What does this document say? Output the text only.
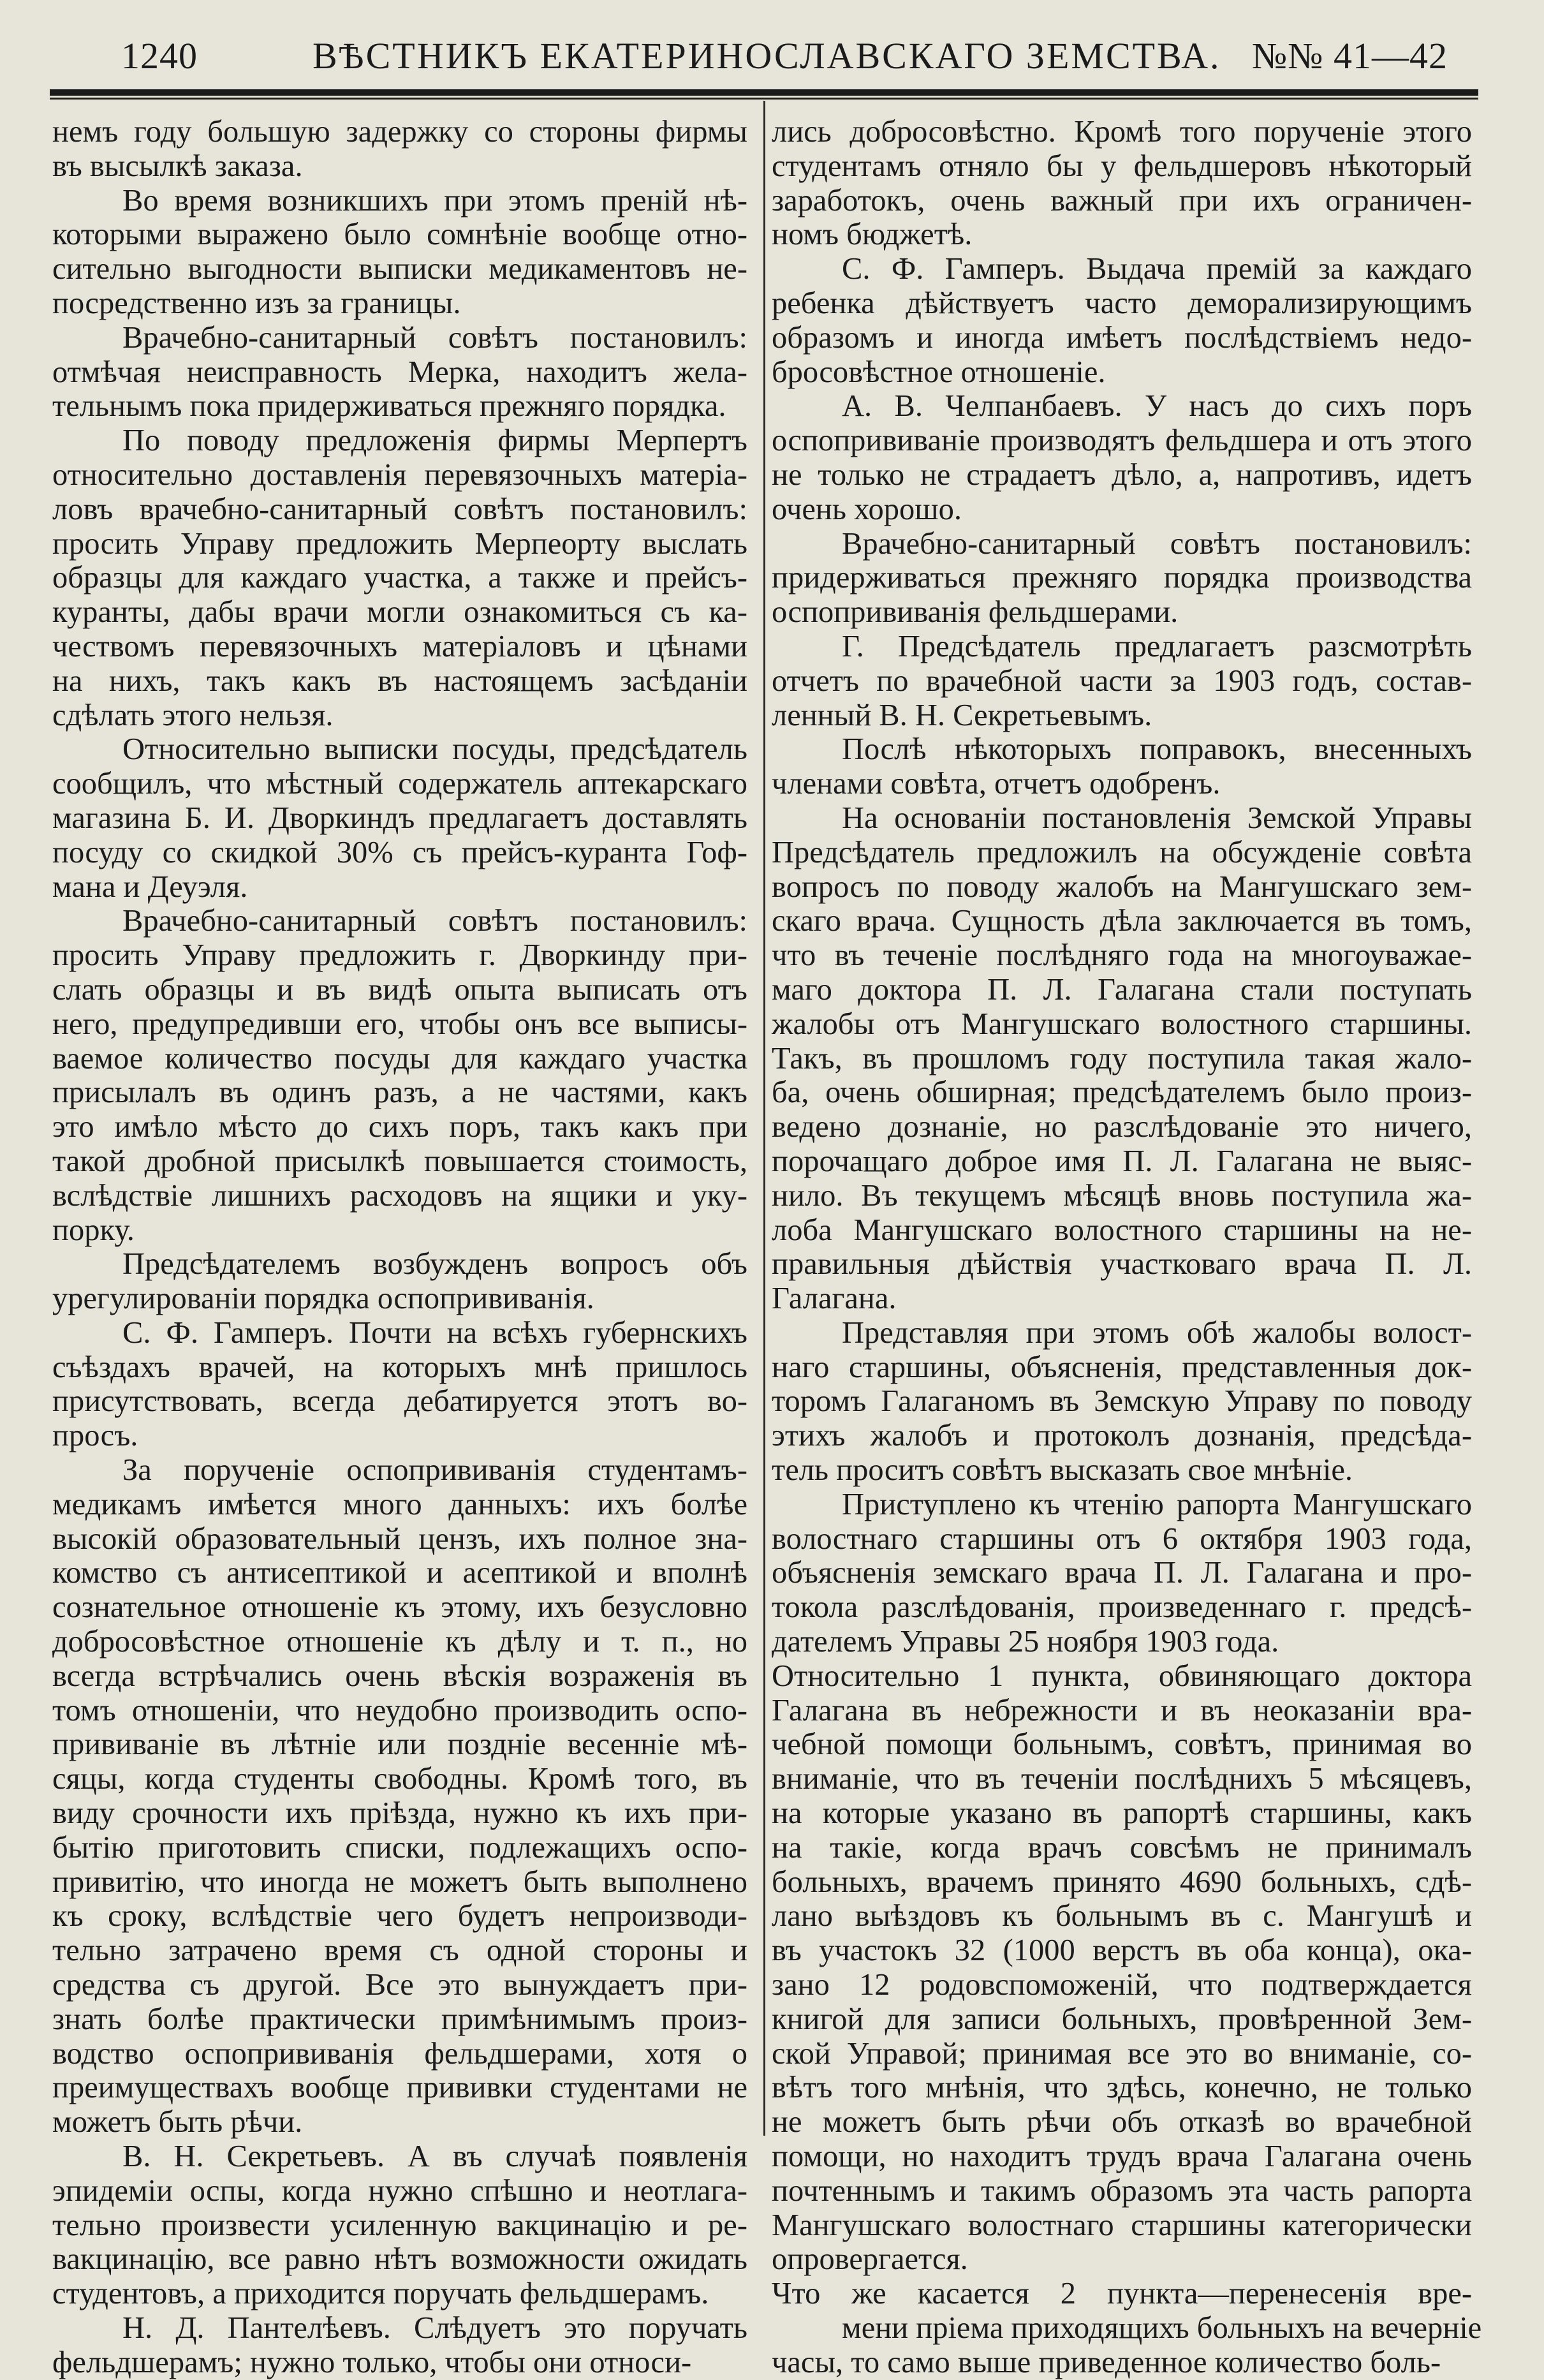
1240	ВѢСТНИКЪ ЕКАТЕРИНОСЛАВСКАГО ЗЕМСТВА. №№ 41—42
немъ году большую задержку со стороны фирмы
въ высылкѣ заказа.
Во время возникшихъ при этомъ преній нѣ-
которыми выражено было сомнѣніе вообще отно-
сительно выгодности выписки медикаментовъ не-
посредственно изъ за границы.
Врачебно-санитарный совѣтъ постановилъ:
отмѣчая неисправность Мерка, находитъ жела-
тельнымъ пока придерживаться прежняго порядка.
По поводу предложенія фирмы Мерпертъ
относительно доставленія перевязочныхъ матеріа-
ловъ врачебно-санитарный совѣтъ постановилъ:
просить Управу предложить Мерпеорту выслать
образцы для каждаго участка, а также и прейсъ-
куранты, дабы врачи могли ознакомиться съ ка-
чествомъ перевязочныхъ матеріаловъ и цѣнами
на нихъ, такъ какъ въ настоящемъ засѣданіи
сдѣлать этого нельзя.
Относительно выписки посуды, предсѣдатель
сообщилъ, что мѣстный содержатель аптекарскаго
магазина Б. И. Дворкиндъ предлагаетъ доставлять
посуду со скидкой 30% съ прейсъ-куранта Гоф-
мана и Деуэля.
Врачебно-санитарный совѣтъ постановилъ:
просить Управу предложить г. Дворкинду при-
слать образцы и въ видѣ опыта выписать отъ
него, предупредивши его, чтобы онъ все выписы-
ваемое количество посуды для каждаго участка
присылалъ въ одинъ разъ, а не частями, какъ
это имѣло мѣсто до сихъ поръ, такъ какъ при
такой дробной присылкѣ повышается стоимость,
вслѣдствіе лишнихъ расходовъ на ящики и уку-
порку.
Предсѣдателемъ возбужденъ вопросъ объ
урегулированіи порядка оспопрививанія.
С. Ф. Гамперъ. Почти на всѣхъ губернскихъ
съѣздахъ врачей, на которыхъ мнѣ пришлось
присутствовать, всегда дебатируется этотъ во-
просъ.
За порученіе оспопрививанія студентамъ-
медикамъ имѣется много данныхъ: ихъ болѣе
высокій образовательный цензъ, ихъ полное зна-
комство съ антисептикой и асептикой и вполнѣ
сознательное отношеніе къ этому, ихъ безусловно
добросовѣстное отношеніе къ дѣлу и т. п., но
всегда встрѣчались очень вѣскія возраженія въ
томъ отношеніи, что неудобно производить оспо-
прививаніе въ лѣтніе или позднiе весенніе мѣ-
сяцы, когда студенты свободны. Кромѣ того, въ
виду срочности ихъ пріѣзда, нужно къ ихъ при-
бытію приготовить списки, подлежащихъ оспо-
привитію, что иногда не можетъ быть выполнено
къ сроку, вслѣдствіе чего будетъ непроизводи-
тельно затрачено время съ одной стороны и
средства съ другой. Все это вынуждаетъ при-
знать болѣе практически примѣнимымъ произ-
водство оспопрививанія фельдшерами, хотя о
преимуществахъ вообще прививки студентами не
можетъ быть рѣчи.
В. Н. Секретьевъ. А въ случаѣ появленія
эпидеміи оспы, когда нужно спѣшно и неотлага-
тельно произвести усиленную вакцинацію и ре-
вакцинацію, все равно нѣтъ возможности ожидать
студентовъ, а приходится поручать фельдшерамъ.
Н. Д. Пантелѣевъ. Слѣдуетъ это поручать
фельдшерамъ; нужно только, чтобы они относи-
лись добросовѣстно. Кромѣ того порученіе этого
студентамъ отняло бы у фельдшеровъ нѣкоторый
заработокъ, очень важный при ихъ ограничен-
номъ бюджетѣ.
С. Ф. Гамперъ. Выдача премій за каждаго
ребенка дѣйствуетъ часто деморализирующимъ
образомъ и иногда имѣетъ послѣдствіемъ недо-
бросовѣстное отношеніе.
А. В. Челпанбаевъ. У насъ до сихъ поръ
оспопрививаніе производятъ фельдшера и отъ этого
не только не страдаетъ дѣло, а, напротивъ, идетъ
очень хорошо.
Врачебно-санитарный совѣтъ постановилъ:
придерживаться прежняго порядка производства
оспопрививанія фельдшерами.
Г. Предсѣдатель предлагаетъ разсмотрѣть
отчетъ по врачебной части за 1903 годъ, состав-
ленный В. Н. Секретьевымъ.
Послѣ нѣкоторыхъ поправокъ, внесенныхъ
членами совѣта, отчетъ одобренъ.
На основаніи постановленія Земской Управы
Предсѣдатель предложилъ на обсужденіе совѣта
вопросъ по поводу жалобъ на Мангушскаго зем-
скаго врача. Сущность дѣла заключается въ томъ,
что въ теченіе послѣдняго года на многоуважае-
маго доктора П. Л. Галагана стали поступать
жалобы отъ Мангушскаго волостного старшины.
Такъ, въ прошломъ году поступила такая жало-
ба, очень обширная; предсѣдателемъ было произ-
ведено дознаніе, но разслѣдованіе это ничего,
порочащаго доброе имя П. Л. Галагана не выяс-
нило. Въ текущемъ мѣсяцѣ вновь поступила жа-
лоба Мангушскаго волостного старшины на не-
правильныя дѣйствія участковаго врача П. Л.
Галагана.
Представляя при этомъ обѣ жалобы волост-
наго старшины, объясненія, представленныя док-
торомъ Галаганомъ въ Земскую Управу по поводу
этихъ жалобъ и протоколъ дознанія, предсѣда-
тель проситъ совѣтъ высказать свое мнѣніе.
Приступлено къ чтенію рапорта Мангушскаго
волостнаго старшины отъ 6 октября 1903 года,
объясненія земскаго врача П. Л. Галагана и про-
токола разслѣдованія, произведеннаго г. предсѣ-
дателемъ Управы 25 ноября 1903 года.
Относительно 1 пункта, обвиняющаго доктора
Галагана въ небрежности и въ неоказаніи вра-
чебной помощи больнымъ, совѣтъ, принимая во
вниманіе, что въ теченіи послѣднихъ 5 мѣсяцевъ,
на которые указано въ рапортѣ старшины, какъ
на такіе, когда врачъ совсѣмъ не принималъ
больныхъ, врачемъ принято 4690 больныхъ, сдѣ-
лано выѣздовъ къ больнымъ въ с. Мангушѣ и
въ участокъ 32 (1000 верстъ въ оба конца), ока-
зано 12 родовспоможеній, что подтверждается
книгой для записи больныхъ, провѣренной Зем-
ской Управой; принимая все это во вниманіе, со-
вѣтъ того мнѣнія, что здѣсь, конечно, не только
не можетъ быть рѣчи объ отказѣ во врачебной
помощи, но находитъ трудъ врача Галагана очень
почтеннымъ и такимъ образомъ эта часть рапорта
Мангушскаго волостнаго старшины категорически
опровергается.
Что же касается 2 пункта—перенесенія вре-
мени пріема приходящихъ больныхъ на вечерніе
часы, то само выше приведенное количество боль-
